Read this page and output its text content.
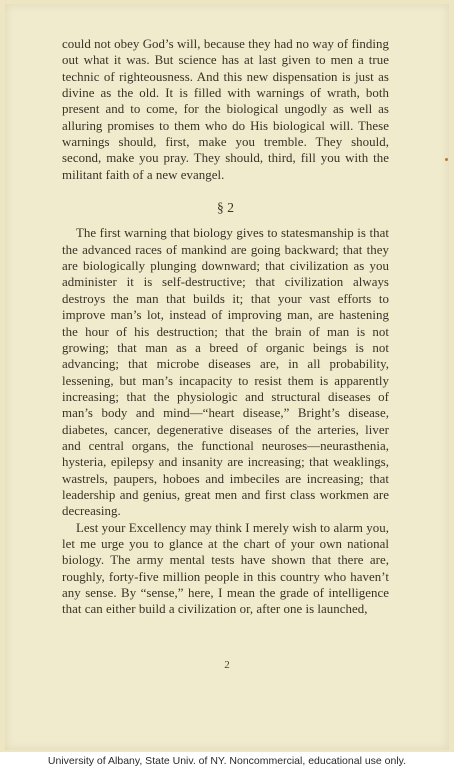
could not obey God’s will, because they had no way of finding out what it was. But science has at last given to men a true technic of righteousness. And this new dispensation is just as divine as the old. It is filled with warnings of wrath, both present and to come, for the biological ungodly as well as alluring promises to them who do His biological will. These warnings should, first, make you tremble. They should, second, make you pray. They should, third, fill you with the militant faith of a new evangel.

§ 2

The first warning that biology gives to statesmanship is that the advanced races of mankind are going backward; that they are biologically plunging downward; that civilization as you administer it is self-destructive; that civilization always destroys the man that builds it; that your vast efforts to improve man’s lot, instead of improving man, are hastening the hour of his destruction; that the brain of man is not growing; that man as a breed of organic beings is not advancing; that microbe diseases are, in all probability, lessening, but man’s incapacity to resist them is apparently increasing; that the physiologic and structural diseases of man’s body and mind—“heart disease,” Bright’s disease, diabetes, cancer, degenerative diseases of the arteries, liver and central organs, the functional neuroses—neurasthenia, hysteria, epilepsy and insanity are increasing; that weaklings, wastrels, paupers, hoboes and imbeciles are increasing; that leadership and genius, great men and first class workmen are decreasing.

Lest your Excellency may think I merely wish to alarm you, let me urge you to glance at the chart of your own national biology. The army mental tests have shown that there are, roughly, forty-five million people in this country who haven’t any sense. By “sense,” here, I mean the grade of intelligence that can either build a civilization or, after one is launched,

2
University of Albany, State Univ. of NY. Noncommercial, educational use only.
